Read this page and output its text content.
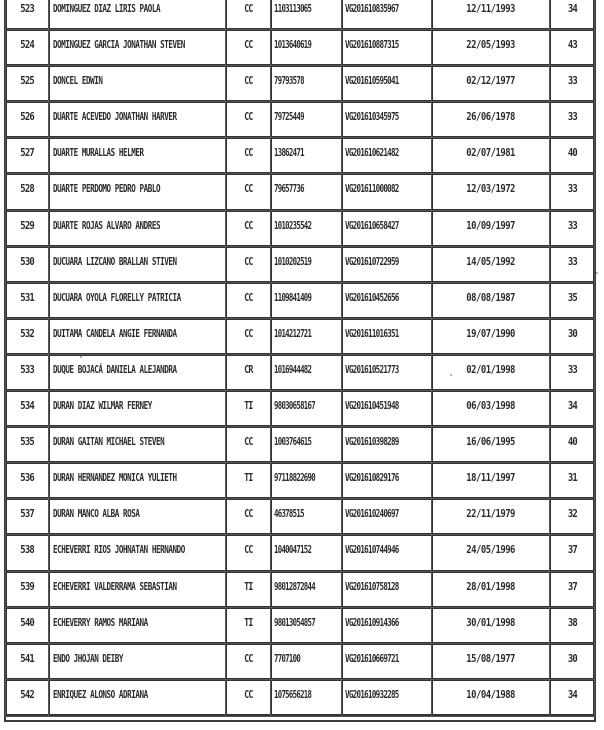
523	DOMINGUEZ DIAZ LIRIS PAOLA	CC	1103113065	VG201610835967	12/11/1993	34
524	DOMINGUEZ GARCIA JONATHAN STEVEN	CC	1013640619	VG201610887315	22/05/1993	43
525	DONCEL EDWIN	CC	79793578	VG201610595041	02/12/1977	33
526	DUARTE ACEVEDO JONATHAN HARVER	CC	79725449	VG201610345975	26/06/1978	33
527	DUARTE MURALLAS HELMER	CC	13862471	VG201610621482	02/07/1981	40
528	DUARTE PERDOMO PEDRO PABLO	CC	79657736	VG201611000082	12/03/1972	33
529	DUARTE ROJAS ALVARO ANDRES	CC	1010235542	VG201610658427	10/09/1997	33
530	DUCUARA LIZCANO BRALLAN STIVEN	CC	1010202519	VG201610722959	14/05/1992	33
531	DUCUARA OYOLA FLORELLY PATRICIA	CC	1109841409	VG201610452656	08/08/1987	35
532	DUITAMA CANDELA ANGIE FERNANDA	CC	1014212721	VG201611016351	19/07/1990	30
533	DUQUE BOJACÁ DANIELA ALEJANDRA	CR	1016944482	VG201610521773	02/01/1998	33
534	DURAN DIAZ WILMAR FERNEY	TI	98030658167	VG201610451948	06/03/1998	34
535	DURAN GAITAN MICHAEL STEVEN	CC	1003764615	VG201610398289	16/06/1995	40
536	DURAN HERNANDEZ MONICA YULIETH	TI	97118822690	VG201610829176	18/11/1997	31
537	DURAN MANCO ALBA ROSA	CC	46378515	VG201610240697	22/11/1979	32
538	ECHEVERRI RIOS JOHNATAN HERNANDO	CC	1040047152	VG201610744946	24/05/1996	37
539	ECHEVERRI VALDERRAMA SEBASTIAN	TI	98012872844	VG201610758128	28/01/1998	37
540	ECHEVERRY RAMOS MARIANA	TI	98013054857	VG201610914366	30/01/1998	38
541	ENDO JHOJAN DEIBY	CC	7707100	VG201610669721	15/08/1977	30
542	ENRIQUEZ ALONSO ADRIANA	CC	1075656218	VG201610932285	10/04/1988	34
